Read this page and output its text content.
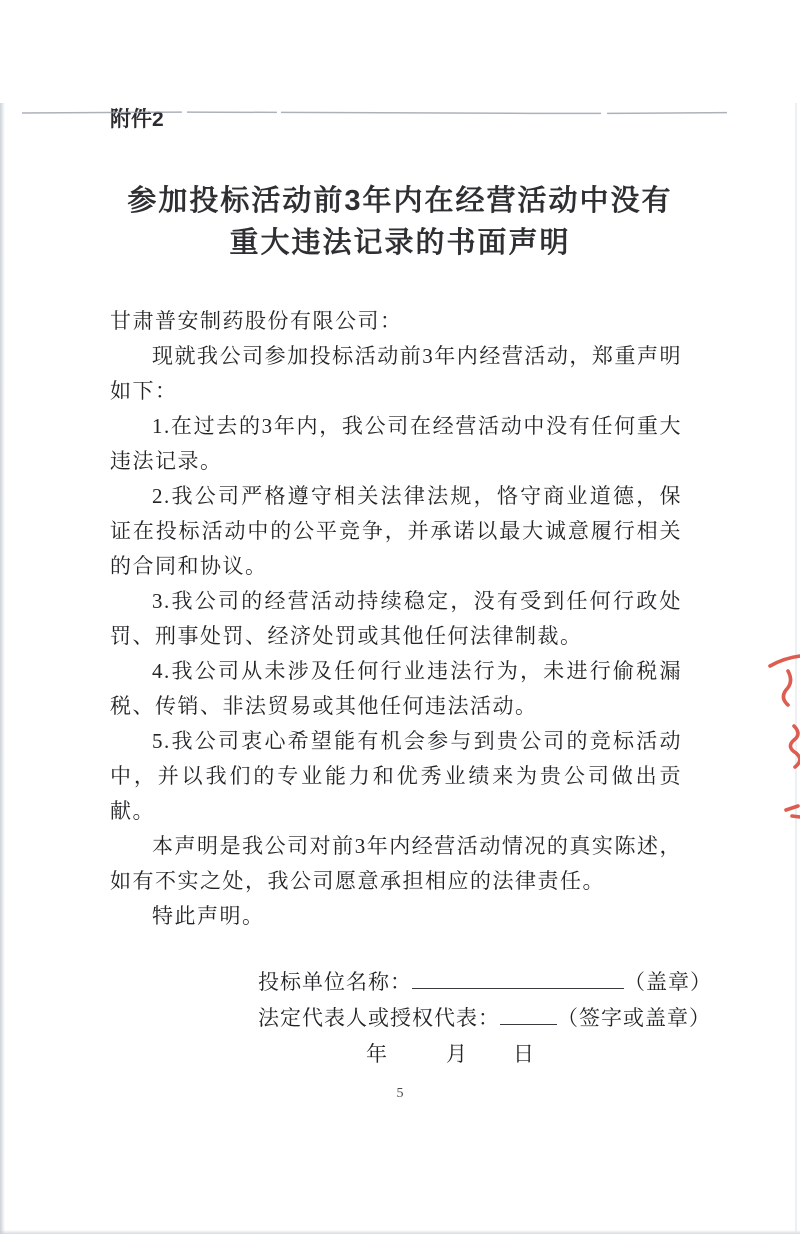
附件2
参加投标活动前3年内在经营活动中没有
重大违法记录的书面声明

甘肃普安制药股份有限公司：

现就我公司参加投标活动前3年内经营活动，郑重声明如下：

1.在过去的3年内，我公司在经营活动中没有任何重大违法记录。

2.我公司严格遵守相关法律法规，恪守商业道德，保证在投标活动中的公平竞争，并承诺以最大诚意履行相关的合同和协议。

3.我公司的经营活动持续稳定，没有受到任何行政处罚、刑事处罚、经济处罚或其他任何法律制裁。

4.我公司从未涉及任何行业违法行为，未进行偷税漏税、传销、非法贸易或其他任何违法活动。

5.我公司衷心希望能有机会参与到贵公司的竞标活动中，并以我们的专业能力和优秀业绩来为贵公司做出贡献。

本声明是我公司对前3年内经营活动情况的真实陈述，如有不实之处，我公司愿意承担相应的法律责任。

特此声明。

投标单位名称：	（盖章）
法定代表人或授权代表：	（签字或盖章）
年	月 日
5
